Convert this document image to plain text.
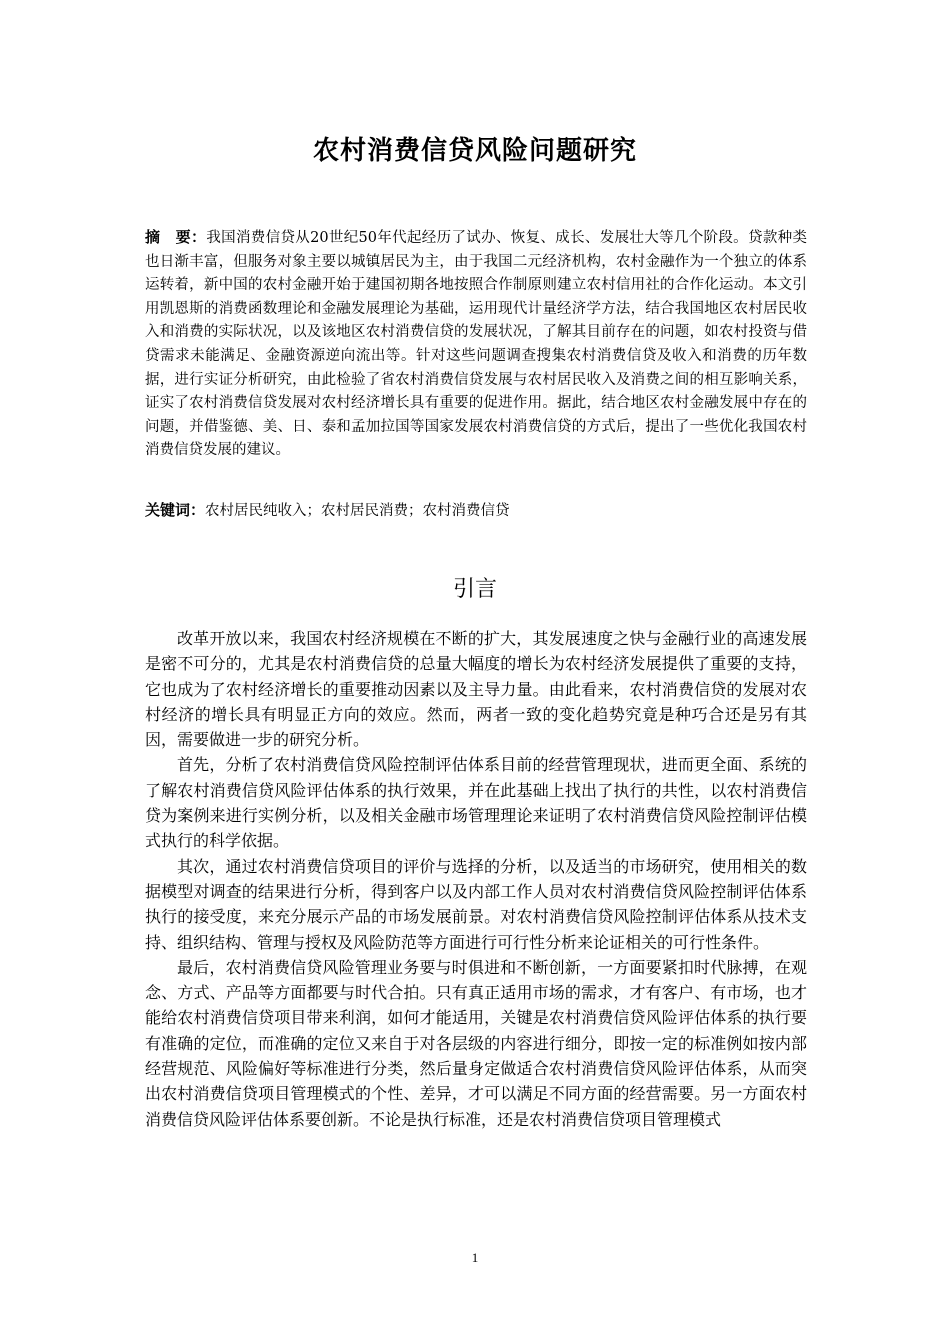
农村消费信贷风险问题研究
摘　要：我国消费信贷从20世纪50年代起经历了试办、恢复、成长、发展壮大等几个阶段。贷款种类也日渐丰富，但服务对象主要以城镇居民为主，由于我国二元经济机构，农村金融作为一个独立的体系运转着，新中国的农村金融开始于建国初期各地按照合作制原则建立农村信用社的合作化运动。本文引用凯恩斯的消费函数理论和金融发展理论为基础，运用现代计量经济学方法，结合我国地区农村居民收入和消费的实际状况，以及该地区农村消费信贷的发展状况，了解其目前存在的问题，如农村投资与借贷需求未能满足、金融资源逆向流出等。针对这些问题调查搜集农村消费信贷及收入和消费的历年数据，进行实证分析研究，由此检验了省农村消费信贷发展与农村居民收入及消费之间的相互影响关系，证实了农村消费信贷发展对农村经济增长具有重要的促进作用。据此，结合地区农村金融发展中存在的问题，并借鉴德、美、日、泰和孟加拉国等国家发展农村消费信贷的方式后，提出了一些优化我国农村消费信贷发展的建议。
关键词：农村居民纯收入；农村居民消费；农村消费信贷
引言

改革开放以来，我国农村经济规模在不断的扩大，其发展速度之快与金融行业的高速发展是密不可分的，尤其是农村消费信贷的总量大幅度的增长为农村经济发展提供了重要的支持，它也成为了农村经济增长的重要推动因素以及主导力量。由此看来，农村消费信贷的发展对农村经济的增长具有明显正方向的效应。然而，两者一致的变化趋势究竟是种巧合还是另有其因，需要做进一步的研究分析。

首先，分析了农村消费信贷风险控制评估体系目前的经营管理现状，进而更全面、系统的了解农村消费信贷风险评估体系的执行效果，并在此基础上找出了执行的共性，以农村消费信贷为案例来进行实例分析，以及相关金融市场管理理论来证明了农村消费信贷风险控制评估模式执行的科学依据。

其次，通过农村消费信贷项目的评价与选择的分析，以及适当的市场研究，使用相关的数据模型对调查的结果进行分析，得到客户以及内部工作人员对农村消费信贷风险控制评估体系执行的接受度，来充分展示产品的市场发展前景。对农村消费信贷风险控制评估体系从技术支持、组织结构、管理与授权及风险防范等方面进行可行性分析来论证相关的可行性条件。

最后，农村消费信贷风险管理业务要与时俱进和不断创新，一方面要紧扣时代脉搏，在观念、方式、产品等方面都要与时代合拍。只有真正适用市场的需求，才有客户、有市场，也才能给农村消费信贷项目带来利润，如何才能适用，关键是农村消费信贷风险评估体系的执行要有准确的定位，而准确的定位又来自于对各层级的内容进行细分，即按一定的标准例如按内部经营规范、风险偏好等标准进行分类，然后量身定做适合农村消费信贷风险评估体系，从而突出农村消费信贷项目管理模式的个性、差异，才可以满足不同方面的经营需要。另一方面农村消费信贷风险评估体系要创新。不论是执行标准，还是农村消费信贷项目管理模式

1
